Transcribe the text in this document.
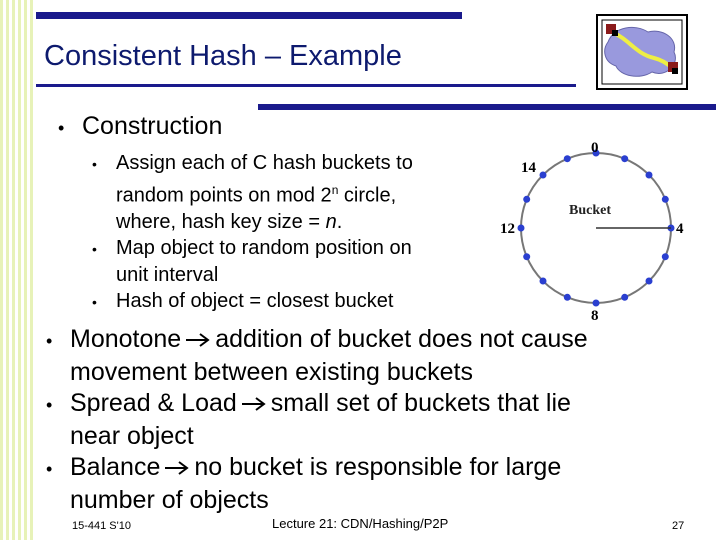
Consistent Hash – Example
• Construction
• Assign each of C hash buckets to
random points on mod 2$^n$ circle,
where, hash key size = n.
• Map object to random position on
unit interval
• Hash of object = closest bucket
0
4
8
12
14
Bucket
• Monotone addition of bucket does not cause
movement between existing buckets
• Spread & Load small set of buckets that lie
near object
• Balance no bucket is responsible for large
number of objects
15-441 S'10	Lecture 21: CDN/Hashing/P2P	27
